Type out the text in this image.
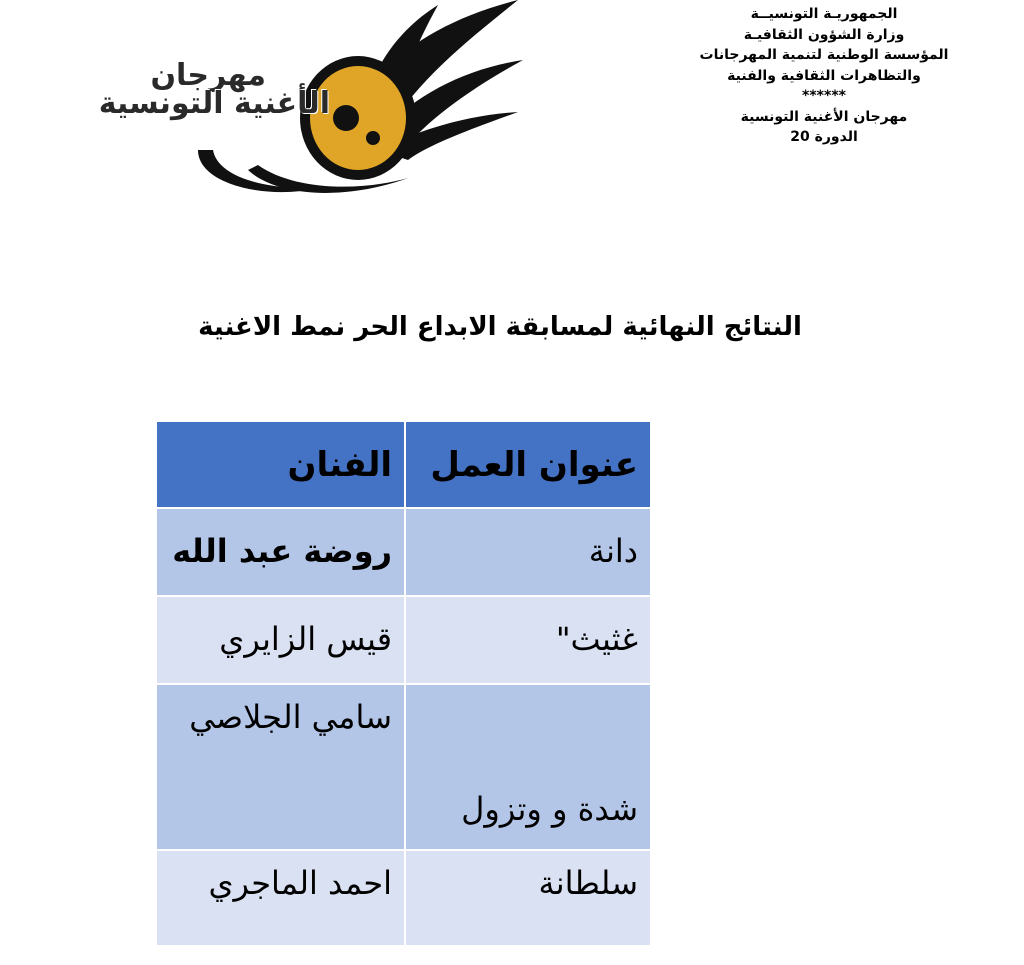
مهرجان
الأغنية التونسية
الجمهوريـة التونسيــة
وزارة الشؤون الثقافيـة
المؤسسة الوطنية لتنمية المهرجانات
والتظاهرات الثقافية والفنية
******
مهرجان الأغنية التونسية
الدورة 20
النتائج النهائية لمسابقة الابداع الحر نمط الاغنية
عنوان العمل	الفنان
دانة	روضة عبد الله
غثيث"	قيس الزايري
شدة و وتزول	سامي الجلاصي
سلطانة	احمد الماجري
